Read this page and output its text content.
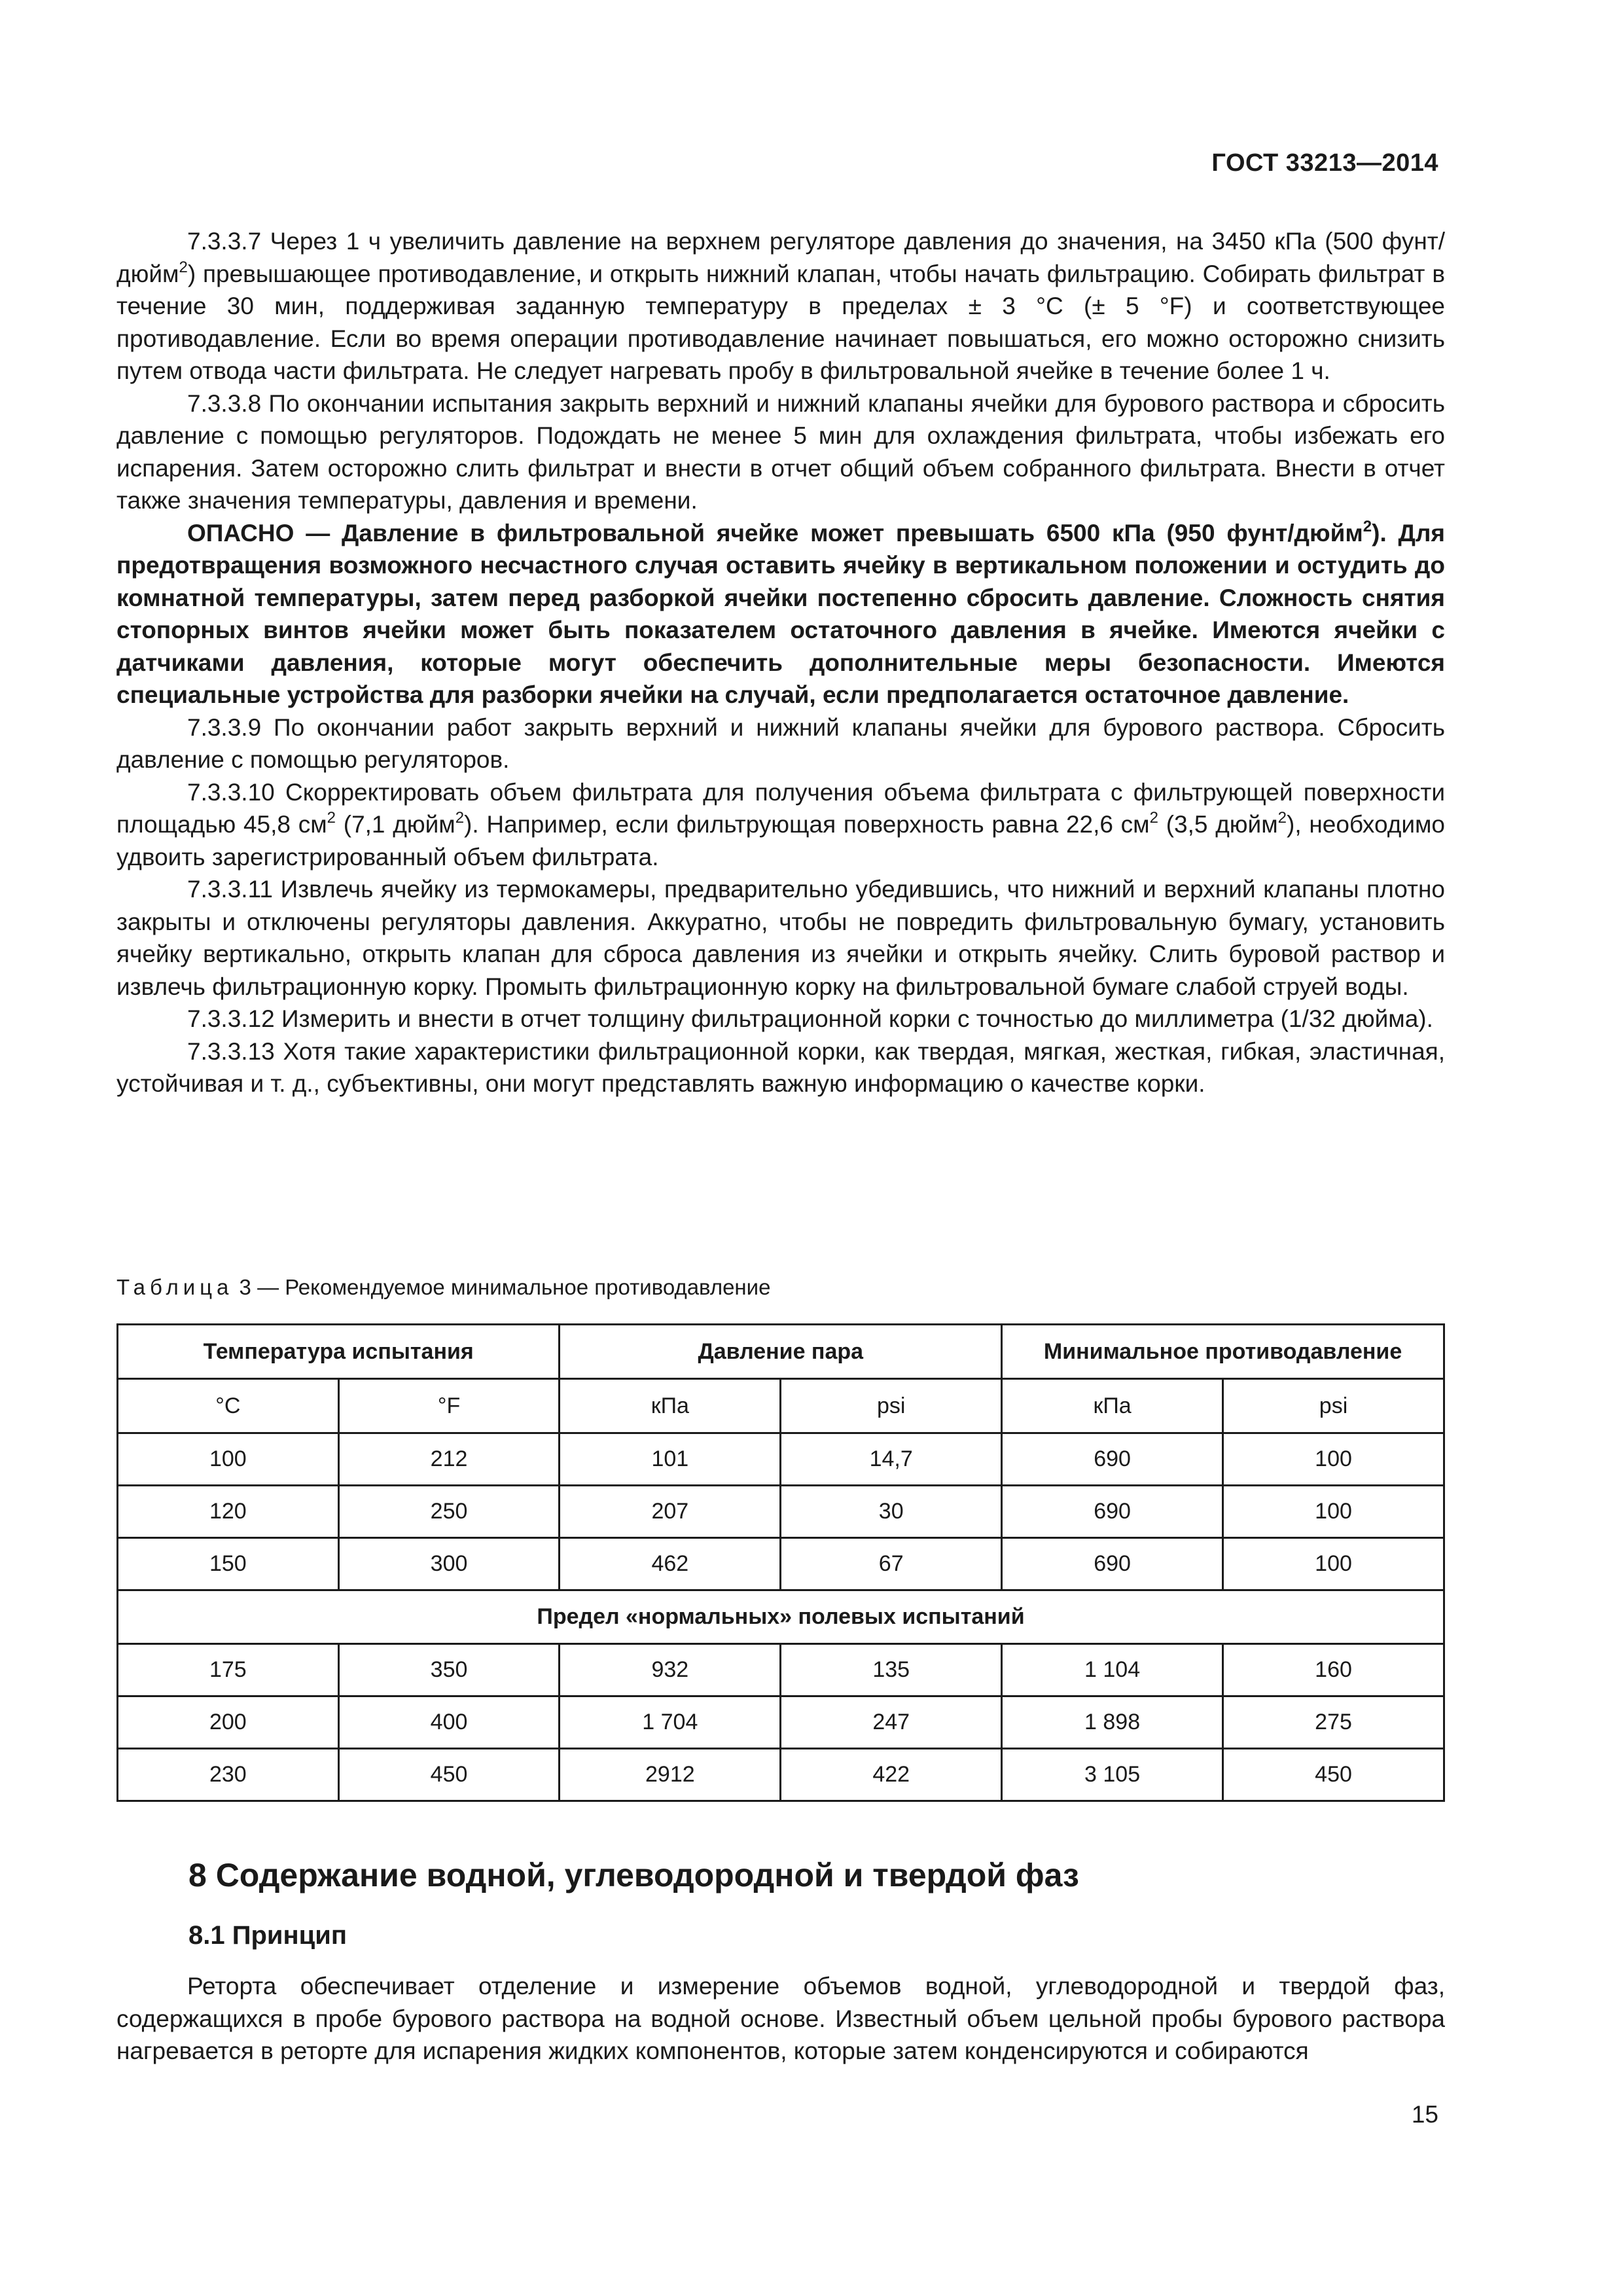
ГОСТ 33213—2014

7.3.3.7 Через 1 ч увеличить давление на верхнем регуляторе давления до значения, на 3450 кПа (500 фунт/дюйм$^2$) превышающее противодавление, и открыть нижний клапан, чтобы начать фильтрацию. Собирать фильтрат в течение 30 мин, поддерживая заданную температуру в пределах ± 3 °С (± 5 °F) и соответствующее противодавление. Если во время операции противодавление начинает повышаться, его можно осторожно снизить путем отвода части фильтрата. Не следует нагревать пробу в фильтровальной ячейке в течение более 1 ч.

7.3.3.8 По окончании испытания закрыть верхний и нижний клапаны ячейки для бурового раствора и сбросить давление с помощью регуляторов. Подождать не менее 5 мин для охлаждения фильтрата, чтобы избежать его испарения. Затем осторожно слить фильтрат и внести в отчет общий объем собранного фильтрата. Внести в отчет также значения температуры, давления и времени.

ОПАСНО — Давление в фильтровальной ячейке может превышать 6500 кПа (950 фунт/дюйм$^2$). Для предотвращения возможного несчастного случая оставить ячейку в вертикальном положении и остудить до комнатной температуры, затем перед разборкой ячейки постепенно сбросить давление. Сложность снятия стопорных винтов ячейки может быть показателем остаточного давления в ячейке. Имеются ячейки с датчиками давления, которые могут обеспечить дополнительные меры безопасности. Имеются специальные устройства для разборки ячейки на случай, если предполагается остаточное давление.

7.3.3.9 По окончании работ закрыть верхний и нижний клапаны ячейки для бурового раствора. Сбросить давление с помощью регуляторов.

7.3.3.10 Скорректировать объем фильтрата для получения объема фильтрата с фильтрующей поверхности площадью 45,8 $см^2$ (7,1 дюйм$^2$). Например, если фильтрующая поверхность равна 22,6 $см^2$ (3,5 дюйм$^2$), необходимо удвоить зарегистрированный объем фильтрата.

7.3.3.11 Извлечь ячейку из термокамеры, предварительно убедившись, что нижний и верхний клапаны плотно закрыты и отключены регуляторы давления. Аккуратно, чтобы не повредить фильтровальную бумагу, установить ячейку вертикально, открыть клапан для сброса давления из ячейки и открыть ячейку. Слить буровой раствор и извлечь фильтрационную корку. Промыть фильтрационную корку на фильтровальной бумаге слабой струей воды.

7.3.3.12 Измерить и внести в отчет толщину фильтрационной корки с точностью до миллиметра (1/32 дюйма).

7.3.3.13 Хотя такие характеристики фильтрационной корки, как твердая, мягкая, жесткая, гибкая, эластичная, устойчивая и т. д., субъективны, они могут представлять важную информацию о качестве корки.

Таблица 3 — Рекомендуемое минимальное противодавление
Температура испытания		Давление пара		Минимальное противодавление	
°С	°F	кПа	psi	кПа	psi
100	212	101	14,7	690	100
120	250	207	30	690	100
150	300	462	67	690	100
Предел «нормальных» полевых испытаний					
175	350	932	135	1 104	160
200	400	1 704	247	1 898	275
230	450	2912	422	3 105	450
8 Содержание водной, углеводородной и твердой фаз
8.1 Принцип

Реторта обеспечивает отделение и измерение объемов водной, углеводородной и твердой фаз, содержащихся в пробе бурового раствора на водной основе. Известный объем цельной пробы бурового раствора нагревается в реторте для испарения жидких компонентов, которые затем конденсируются и собираются

15
